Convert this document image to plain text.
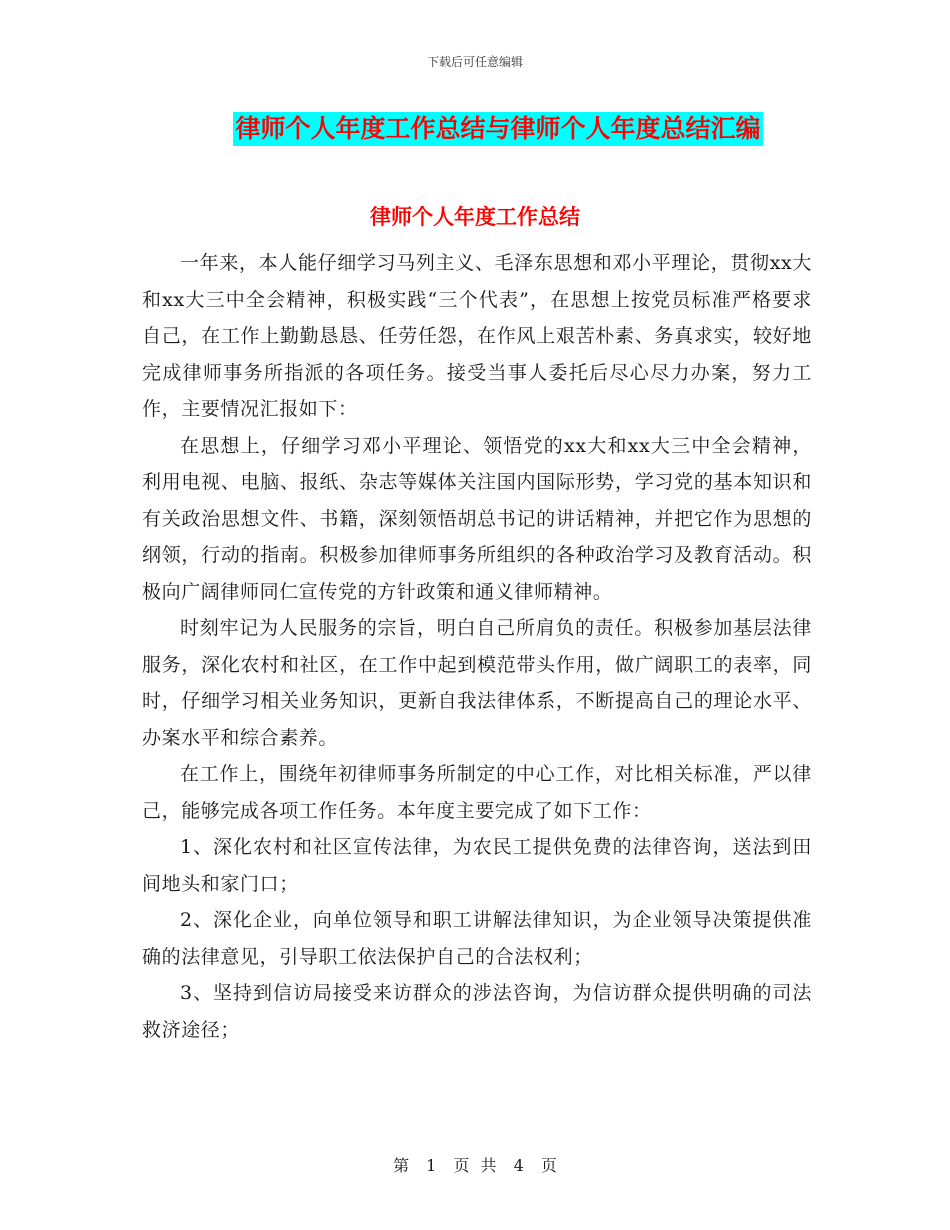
下载后可任意编辑
律师个人年度工作总结与律师个人年度总结汇编
律师个人年度工作总结

一年来，本人能仔细学习马列主义、毛泽东思想和邓小平理论，贯彻xx大和xx大三中全会精神，积极实践“三个代表”，在思想上按党员标准严格要求自己，在工作上勤勤恳恳、任劳任怨，在作风上艰苦朴素、务真求实，较好地完成律师事务所指派的各项任务。接受当事人委托后尽心尽力办案，努力工作，主要情况汇报如下：

在思想上，仔细学习邓小平理论、领悟党的xx大和xx大三中全会精神，利用电视、电脑、报纸、杂志等媒体关注国内国际形势，学习党的基本知识和有关政治思想文件、书籍，深刻领悟胡总书记的讲话精神，并把它作为思想的纲领，行动的指南。积极参加律师事务所组织的各种政治学习及教育活动。积极向广阔律师同仁宣传党的方针政策和通义律师精神。

时刻牢记为人民服务的宗旨，明白自己所肩负的责任。积极参加基层法律服务，深化农村和社区，在工作中起到模范带头作用，做广阔职工的表率，同时，仔细学习相关业务知识，更新自我法律体系，不断提高自己的理论水平、办案水平和综合素养。

在工作上，围绕年初律师事务所制定的中心工作，对比相关标准，严以律己，能够完成各项工作任务。本年度主要完成了如下工作：

1、深化农村和社区宣传法律，为农民工提供免费的法律咨询，送法到田间地头和家门口；

2、深化企业，向单位领导和职工讲解法律知识，为企业领导决策提供准确的法律意见，引导职工依法保护自己的合法权利；

3、坚持到信访局接受来访群众的涉法咨询，为信访群众提供明确的司法救济途径；

第 1 页 共 4 页
